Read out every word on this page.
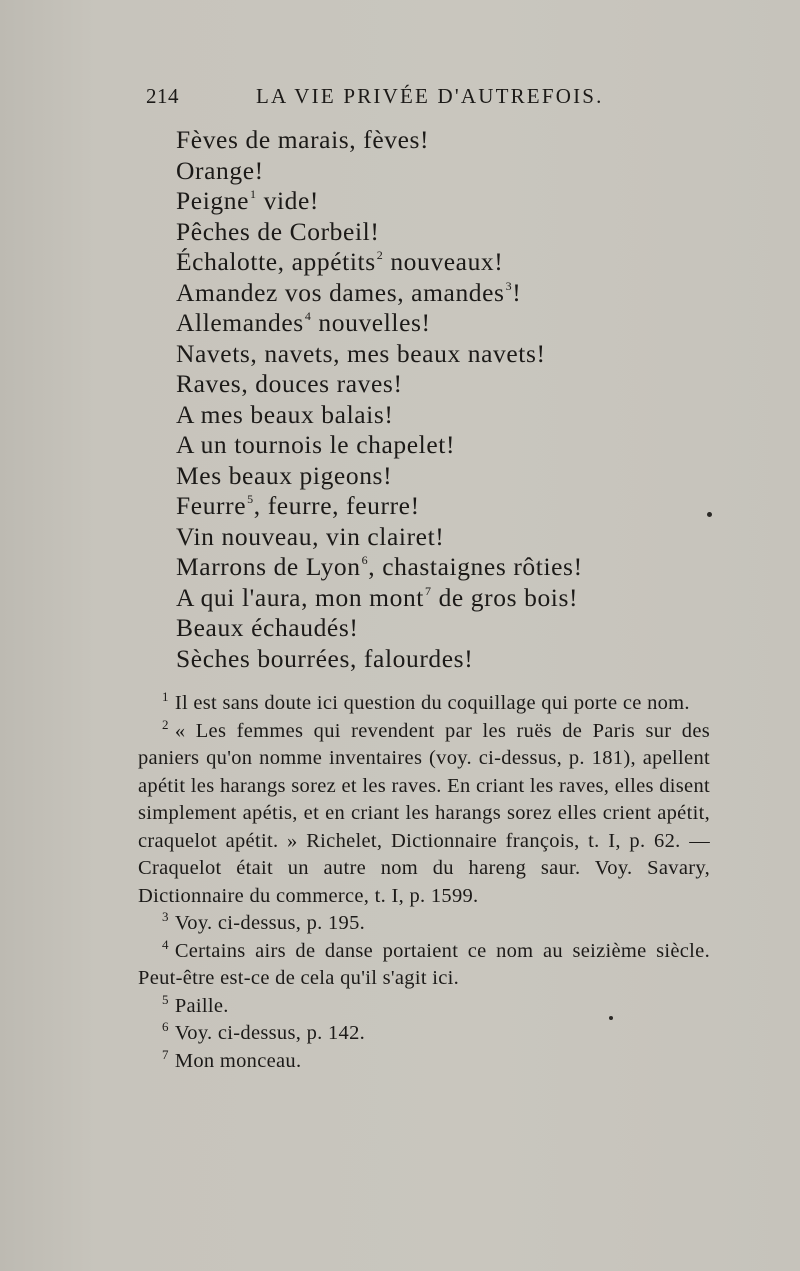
214	LA VIE PRIVÉE D'AUTREFOIS.
Fèves de marais, fèves!
Orange!
Peigne$^1$ vide!
Pêches de Corbeil!
Échalotte, appétits$^2$ nouveaux!
Amandez vos dames, amandes$^3$!
Allemandes$^4$ nouvelles!
Navets, navets, mes beaux navets!
Raves, douces raves!
A mes beaux balais!
A un tournois le chapelet!
Mes beaux pigeons!
Feurre$^5$, feurre, feurre!
Vin nouveau, vin clairet!
Marrons de Lyon$^6$, chastaignes rôties!
A qui l'aura, mon mont$^7$ de gros bois!
Beaux échaudés!
Sèches bourrées, falourdes!

$^1$ Il est sans doute ici question du coquillage qui porte ce nom.

$^2$ « Les femmes qui revendent par les ruës de Paris sur des paniers qu'on nomme inventaires (voy. ci-dessus, p. 181), apellent apétit les harangs sorez et les raves. En criant les raves, elles disent simplement apétis, et en criant les harangs sorez elles crient apétit, craquelot apétit. » Richelet, Dictionnaire françois, t. I, p. 62. — Craquelot était un autre nom du hareng saur. Voy. Savary, Dictionnaire du commerce, t. I, p. 1599.

$^3$ Voy. ci-dessus, p. 195.

$^4$ Certains airs de danse portaient ce nom au seizième siècle. Peut-être est-ce de cela qu'il s'agit ici.

$^5$ Paille.

$^6$ Voy. ci-dessus, p. 142.

$^7$ Mon monceau.
